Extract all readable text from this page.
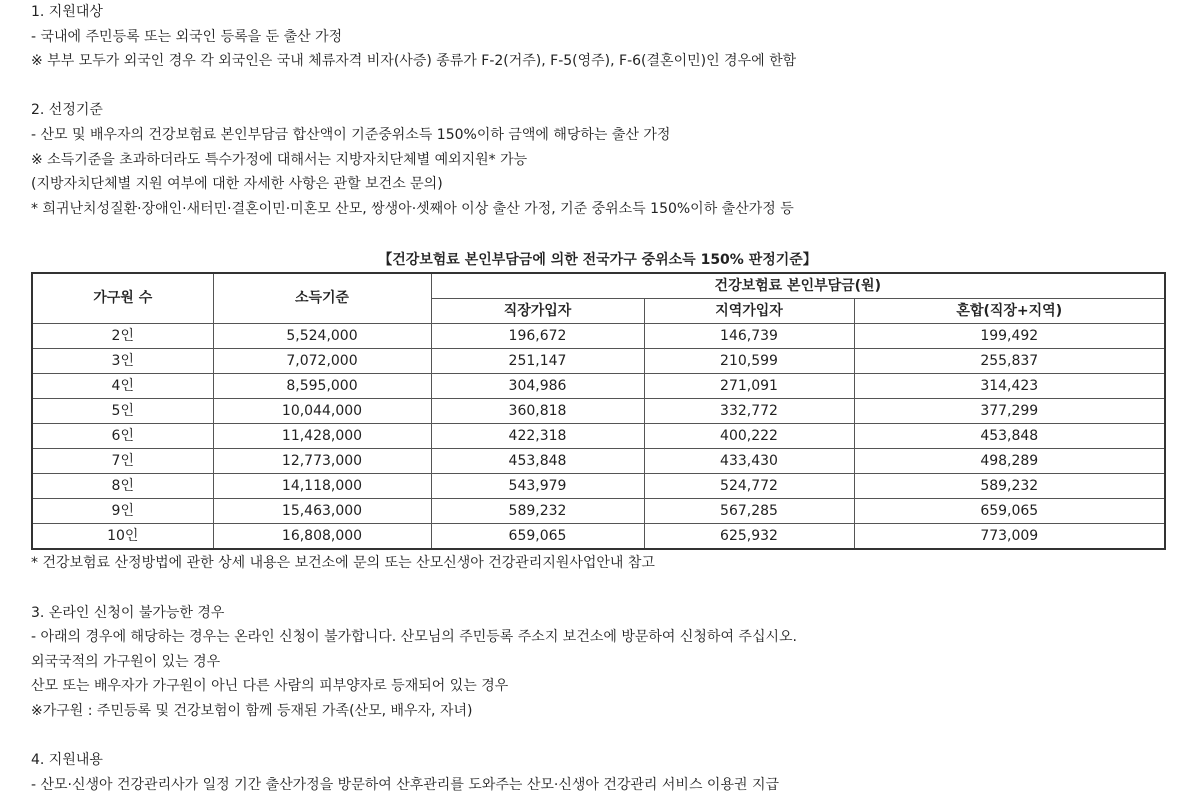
1. 지원대상
- 국내에 주민등록 또는 외국인 등록을 둔 출산 가정
※ 부부 모두가 외국인 경우 각 외국인은 국내 체류자격 비자(사증) 종류가 F-2(거주), F-5(영주), F-6(결혼이민)인 경우에 한함
2. 선정기준
- 산모 및 배우자의 건강보험료 본인부담금 합산액이 기준중위소득 150%이하 금액에 해당하는 출산 가정
※ 소득기준을 초과하더라도 특수가정에 대해서는 지방자치단체별 예외지원* 가능
(지방자치단체별 지원 여부에 대한 자세한 사항은 관할 보건소 문의)
* 희귀난치성질환·장애인·새터민·결혼이민·미혼모 산모, 쌍생아·셋째아 이상 출산 가정, 기준 중위소득 150%이하 출산가정 등
【건강보험료 본인부담금에 의한 전국가구 중위소득 150% 판정기준】
가구원 수	소득기준	건강보험료 본인부담금(원)		
		직장가입자	지역가입자	혼합(직장+지역)
2인	5,524,000	196,672	146,739	199,492
3인	7,072,000	251,147	210,599	255,837
4인	8,595,000	304,986	271,091	314,423
5인	10,044,000	360,818	332,772	377,299
6인	11,428,000	422,318	400,222	453,848
7인	12,773,000	453,848	433,430	498,289
8인	14,118,000	543,979	524,772	589,232
9인	15,463,000	589,232	567,285	659,065
10인	16,808,000	659,065	625,932	773,009
* 건강보험료 산정방법에 관한 상세 내용은 보건소에 문의 또는 산모신생아 건강관리지원사업안내 참고
3. 온라인 신청이 불가능한 경우
- 아래의 경우에 해당하는 경우는 온라인 신청이 불가합니다. 산모님의 주민등록 주소지 보건소에 방문하여 신청하여 주십시오.
외국국적의 가구원이 있는 경우
산모 또는 배우자가 가구원이 아닌 다른 사람의 피부양자로 등재되어 있는 경우
※가구원 : 주민등록 및 건강보험이 함께 등재된 가족(산모, 배우자, 자녀)
4. 지원내용
- 산모·신생아 건강관리사가 일정 기간 출산가정을 방문하여 산후관리를 도와주는 산모·신생아 건강관리 서비스 이용권 지급
